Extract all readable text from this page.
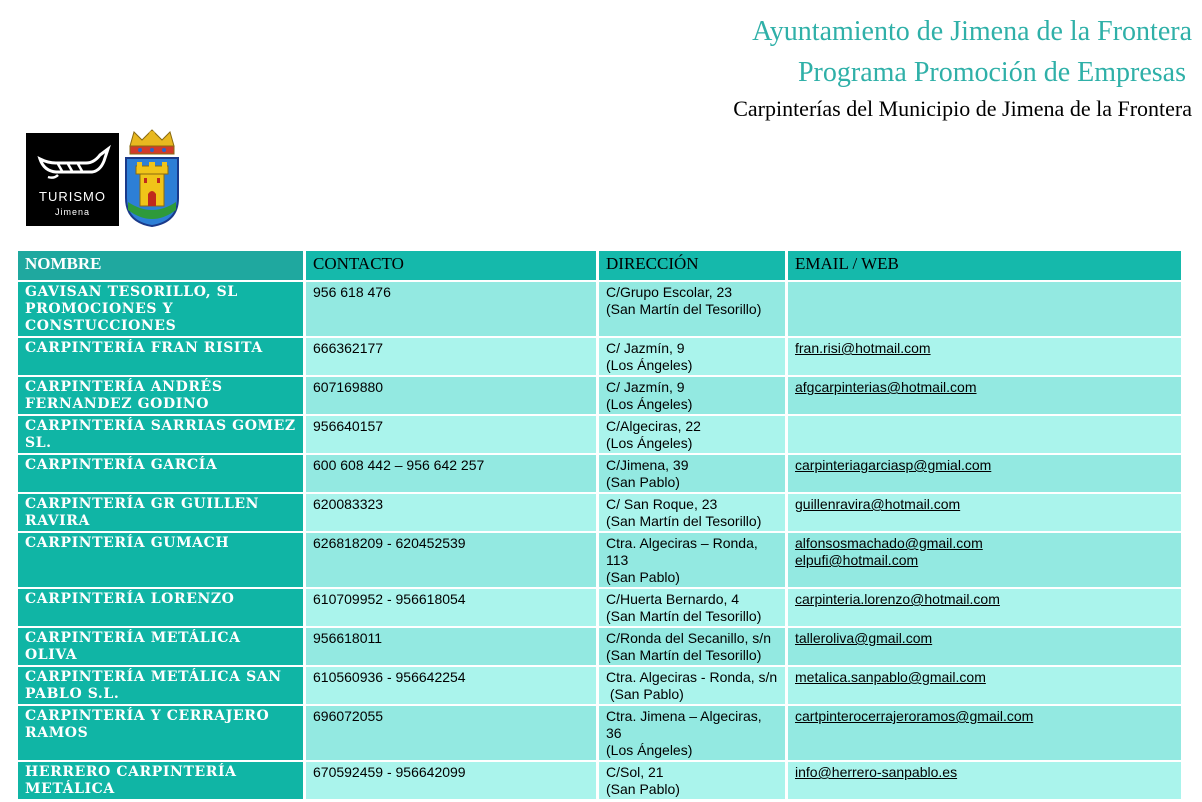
Ayuntamiento de Jimena de la Frontera
Programa Promoción de Empresas
Carpinterías del Municipio de Jimena de la Frontera
TURISMO
Jimena
NOMBRE	CONTACTO	DIRECCIÓN	EMAIL / WEB
GAVISAN TESORILLO, SL PROMOCIONES Y CONSTUCCIONES	956 618 476	C/Grupo Escolar, 23
(San Martín del Tesorillo)	

CARPINTERÍA FRAN RISITA	666362177	C/ Jazmín, 9
(Los Ángeles)	fran.risi@hotmail.com

CARPINTERÍA ANDRÉS FERNANDEZ GODINO	607169880	C/ Jazmín, 9
(Los Ángeles)	afgcarpinterias@hotmail.com

CARPINTERÍA SARRIAS GOMEZ SL.	956640157	C/Algeciras, 22
(Los Ángeles)	

CARPINTERÍA GARCÍA	600 608 442 – 956 642 257	C/Jimena, 39
(San Pablo)	carpinteriagarciasp@gmial.com

CARPINTERÍA GR GUILLEN RAVIRA	620083323	C/ San Roque, 23
(San Martín del Tesorillo)	guillenravira@hotmail.com

CARPINTERÍA GUMACH	626818209 - 620452539	Ctra. Algeciras – Ronda, 113
(San Pablo)	alfonsosmachado@gmail.com
elpufi@hotmail.com

CARPINTERÍA LORENZO	610709952 - 956618054	C/Huerta Bernardo, 4
(San Martín del Tesorillo)	carpinteria.lorenzo@hotmail.com

CARPINTERÍA METÁLICA OLIVA	956618011	C/Ronda del Secanillo, s/n
(San Martín del Tesorillo)	talleroliva@gmail.com

CARPINTERÍA METÁLICA SAN PABLO S.L.	610560936 - 956642254	Ctra. Algeciras - Ronda, s/n
(San Pablo)	metalica.sanpablo@gmail.com

CARPINTERÍA Y CERRAJERO RAMOS	696072055	Ctra. Jimena – Algeciras, 36
(Los Ángeles)	cartpinterocerrajeroramos@gmail.com

HERRERO CARPINTERÍA METÁLICA	670592459 - 956642099	C/Sol, 21
(San Pablo)	info@herrero-sanpablo.es
